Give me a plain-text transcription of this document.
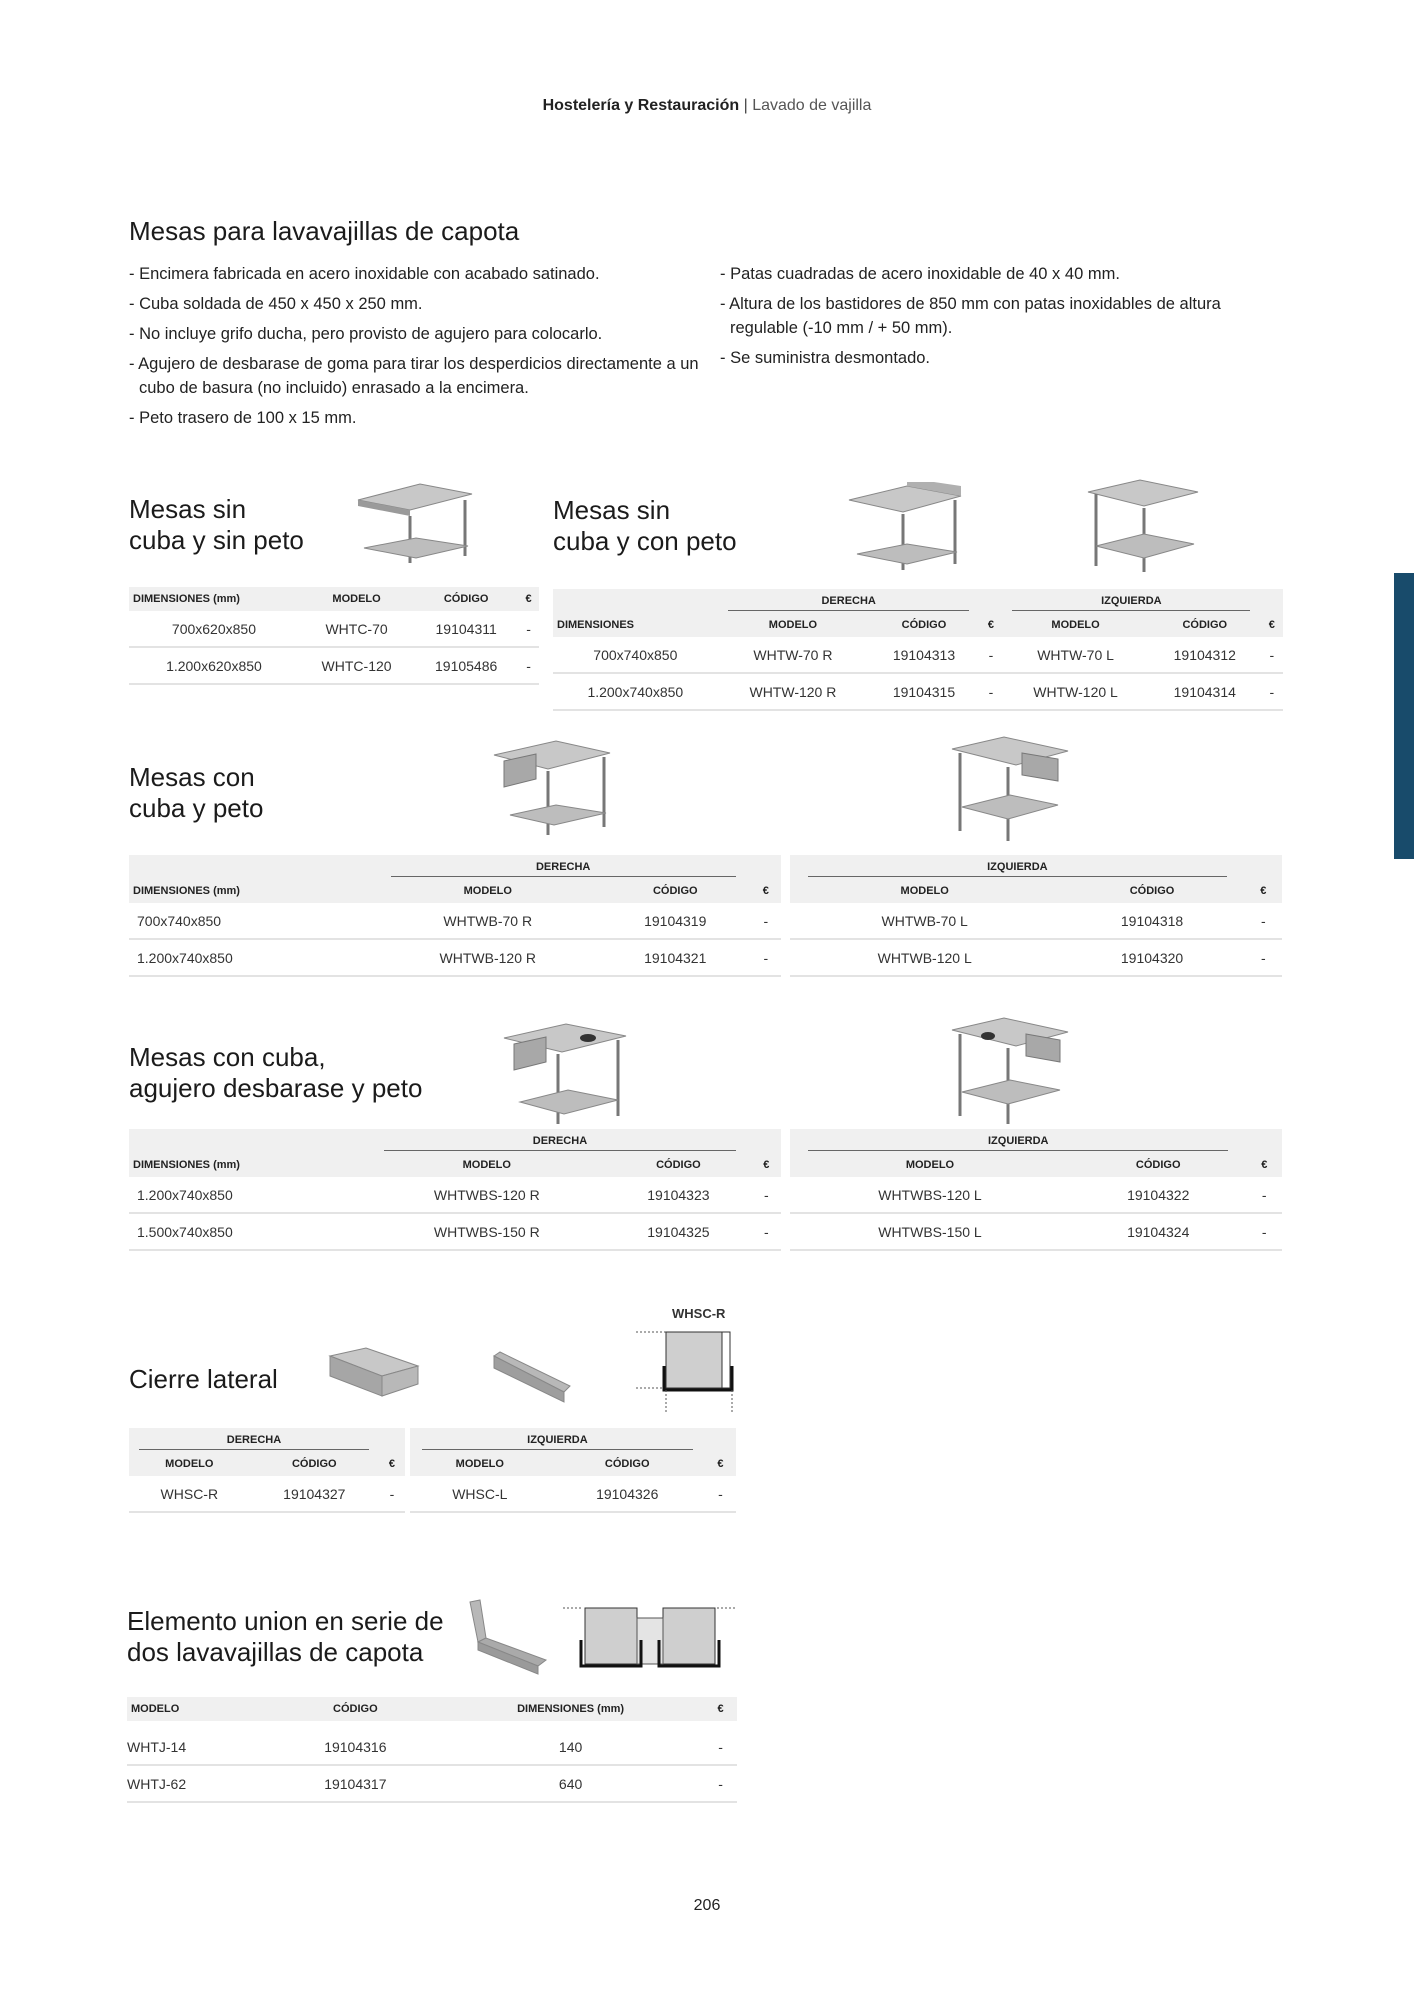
Hostelería y Restauración | Lavado de vajilla
Mesas para lavavajillas de capota
- Encimera fabricada en acero inoxidable con acabado satinado.
- Cuba soldada de 450 x 450 x 250 mm.
- No incluye grifo ducha, pero provisto de agujero para colocarlo.
- Agujero de desbarase de goma para tirar los desperdicios directamente a un cubo de basura (no incluido) enrasado a la encimera.
- Peto trasero de 100 x 15 mm.
- Patas cuadradas de acero inoxidable de 40 x 40 mm.
- Altura de los bastidores de 850 mm con patas inoxidables de altura regulable (-10 mm / + 50 mm).
- Se suministra desmontado.
Mesas sin
cuba y sin peto
DIMENSIONES (mm)	MODELO	CÓDIGO	€
700x620x850	WHTC-70	19104311	-
1.200x620x850	WHTC-120	19105486	-
Mesas sin
cuba y con peto
	DERECHA			IZQUIERDA		
DIMENSIONES	MODELO	CÓDIGO	€	MODELO	CÓDIGO	€
700x740x850	WHTW-70 R	19104313	-	WHTW-70 L	19104312	-
1.200x740x850	WHTW-120 R	19104315	-	WHTW-120 L	19104314	-
Mesas con
cuba y peto
	DERECHA		
DIMENSIONES (mm)	MODELO	CÓDIGO	€
700x740x850	WHTWB-70 R	19104319	-
1.200x740x850	WHTWB-120 R	19104321	-
IZQUIERDA		
MODELO	CÓDIGO	€
WHTWB-70 L	19104318	-
WHTWB-120 L	19104320	-
Mesas con cuba,
agujero desbarase y peto
	DERECHA		
DIMENSIONES (mm)	MODELO	CÓDIGO	€
1.200x740x850	WHTWBS-120 R	19104323	-
1.500x740x850	WHTWBS-150 R	19104325	-
IZQUIERDA		
MODELO	CÓDIGO	€
WHTWBS-120 L	19104322	-
WHTWBS-150 L	19104324	-
Cierre lateral
WHSC-R
DERECHA		
MODELO	CÓDIGO	€
WHSC-R	19104327	-
IZQUIERDA		
MODELO	CÓDIGO	€
WHSC-L	19104326	-
Elemento union en serie de
dos lavavajillas de capota
MODELO	CÓDIGO	DIMENSIONES (mm)	€

WHTJ-14	19104316	140	-
WHTJ-62	19104317	640	-
206
